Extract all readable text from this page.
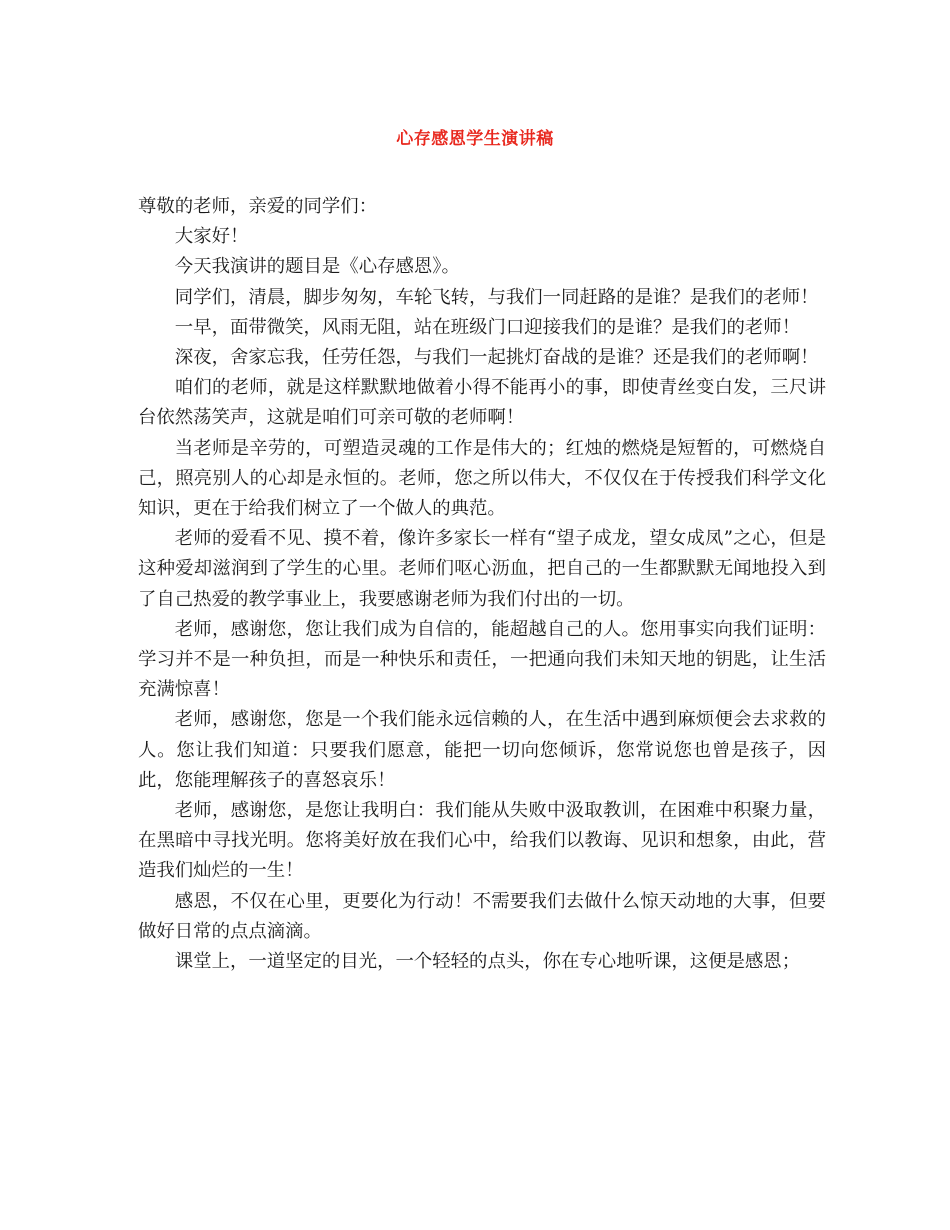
心存感恩学生演讲稿

尊敬的老师，亲爱的同学们：

大家好！

今天我演讲的题目是《心存感恩》。

同学们，清晨，脚步匆匆，车轮飞转，与我们一同赶路的是谁？是我们的老师！

一早，面带微笑，风雨无阻，站在班级门口迎接我们的是谁？是我们的老师！

深夜，舍家忘我，任劳任怨，与我们一起挑灯奋战的是谁？还是我们的老师啊！

咱们的老师，就是这样默默地做着小得不能再小的事，即使青丝变白发，三尺讲台依然荡笑声，这就是咱们可亲可敬的老师啊！

当老师是辛劳的，可塑造灵魂的工作是伟大的；红烛的燃烧是短暂的，可燃烧自己，照亮别人的心却是永恒的。老师，您之所以伟大，不仅仅在于传授我们科学文化知识，更在于给我们树立了一个做人的典范。

老师的爱看不见、摸不着，像许多家长一样有“望子成龙，望女成凤”之心，但是这种爱却滋润到了学生的心里。老师们呕心沥血，把自己的一生都默默无闻地投入到了自己热爱的教学事业上，我要感谢老师为我们付出的一切。

老师，感谢您，您让我们成为自信的，能超越自己的人。您用事实向我们证明：学习并不是一种负担，而是一种快乐和责任，一把通向我们未知天地的钥匙，让生活充满惊喜！

老师，感谢您，您是一个我们能永远信赖的人，在生活中遇到麻烦便会去求救的人。您让我们知道：只要我们愿意，能把一切向您倾诉，您常说您也曾是孩子，因此，您能理解孩子的喜怒哀乐！

老师，感谢您，是您让我明白：我们能从失败中汲取教训，在困难中积聚力量，在黑暗中寻找光明。您将美好放在我们心中，给我们以教诲、见识和想象，由此，营造我们灿烂的一生！

感恩，不仅在心里，更要化为行动！不需要我们去做什么惊天动地的大事，但要做好日常的点点滴滴。

课堂上，一道坚定的目光，一个轻轻的点头，你在专心地听课，这便是感恩；
